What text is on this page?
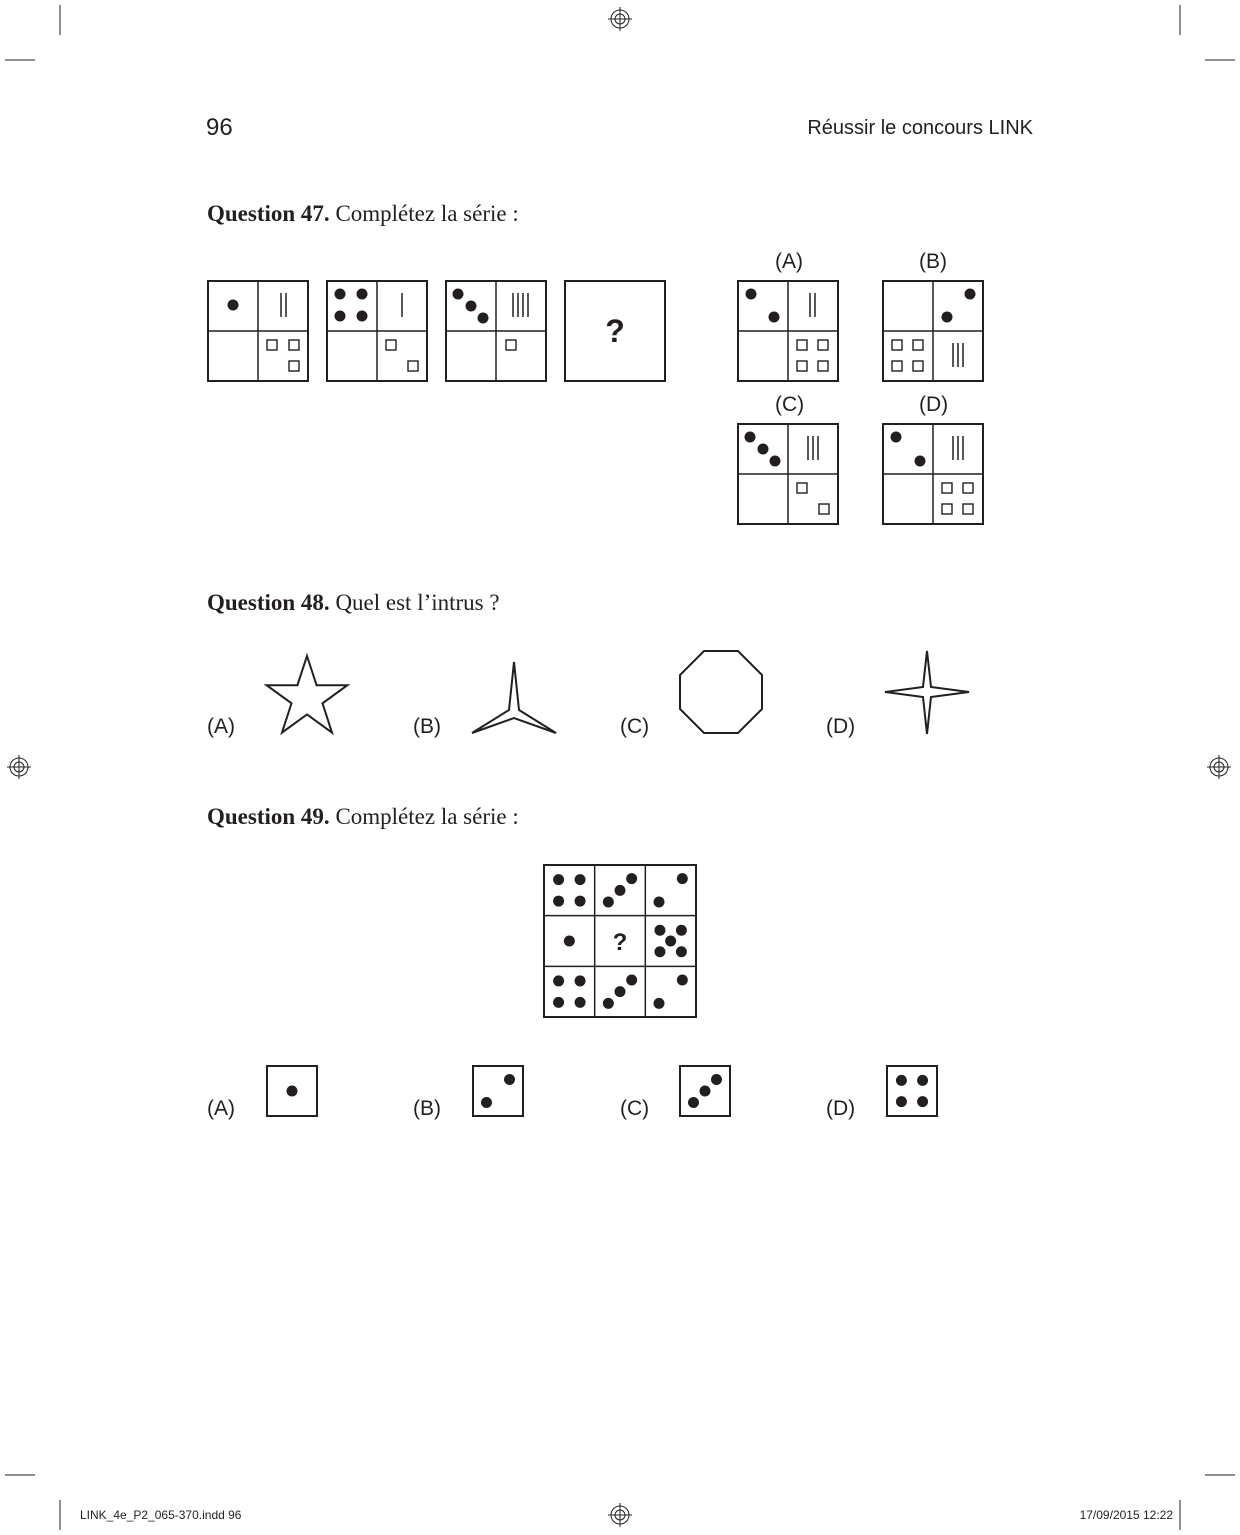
96	Réussir le concours LINK
Question 47. Complétez la série :
?
(A)	(B)
(C)	(D)
Question 48. Quel est l’intrus ?
(A)	(B)	(C)	(D)
Question 49. Complétez la série :
?
(A)	(B)	(C)	(D)
LINK_4e_P2_065-370.indd 96	17/09/2015 12:22
